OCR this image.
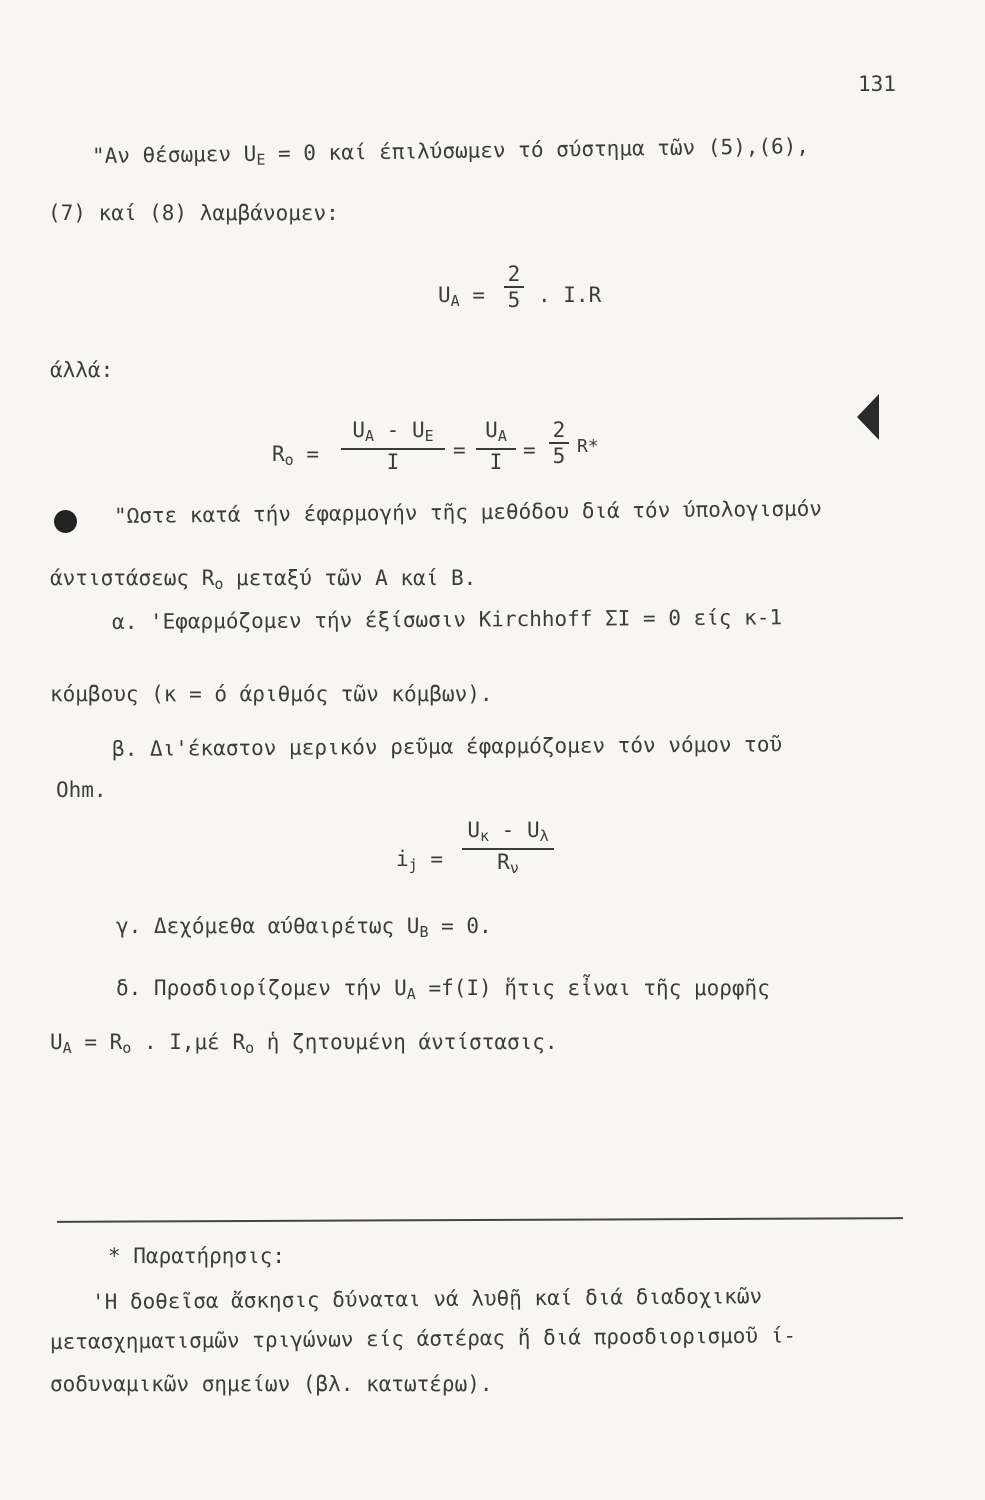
131
"Αν θέσωμεν $U_E = 0$ καί έπιλύσωμεν τό σύστημα τῶν (5),(6),
(7) καί (8) λαμβάνομεν:
$U_A$ =
2
5 . I.R
άλλά:
$R_o$ =
$U_A - U_E$
I	=
$U_A$
I =
2
5 R*
"Ωστε κατά τήν έφαρμογήν τῆς μεθόδου διά τόν ύπολογισμόν
άντιστάσεως $R_o$ μεταξύ τῶν A καί B.
α. 'Εφαρμόζομεν τήν έξίσωσιν Kirchhoff ΣI = 0 είς κ-1
κόμβους (κ = ό άριθμός τῶν κόμβων).
β. Δι'έκαστον μερικόν ρεῦμα έφαρμόζομεν τόν νόμον τοῦ
Ohm.
$i_j$ =
$U_\kappa - U_\lambda$
$R_\nu$
γ. Δεχόμεθα αύθαιρέτως $U_B = 0$.
δ. Προσδιορίζομεν τήν $U_A =f(I)$ ἥτις εἶναι τῆς μορφῆς
$U_A = R_o$ . I,μέ $R_o$ ἡ ζητουμένη άντίστασις.
* Παρατήρησις:
'Η δοθεῖσα ἄσκησις δύναται νά λυθῇ καί διά διαδοχικῶν
μετασχηματισμῶν τριγώνων είς άστέρας ἤ διά προσδιορισμοῦ ί-
σοδυναμικῶν σημείων (βλ. κατωτέρω).
